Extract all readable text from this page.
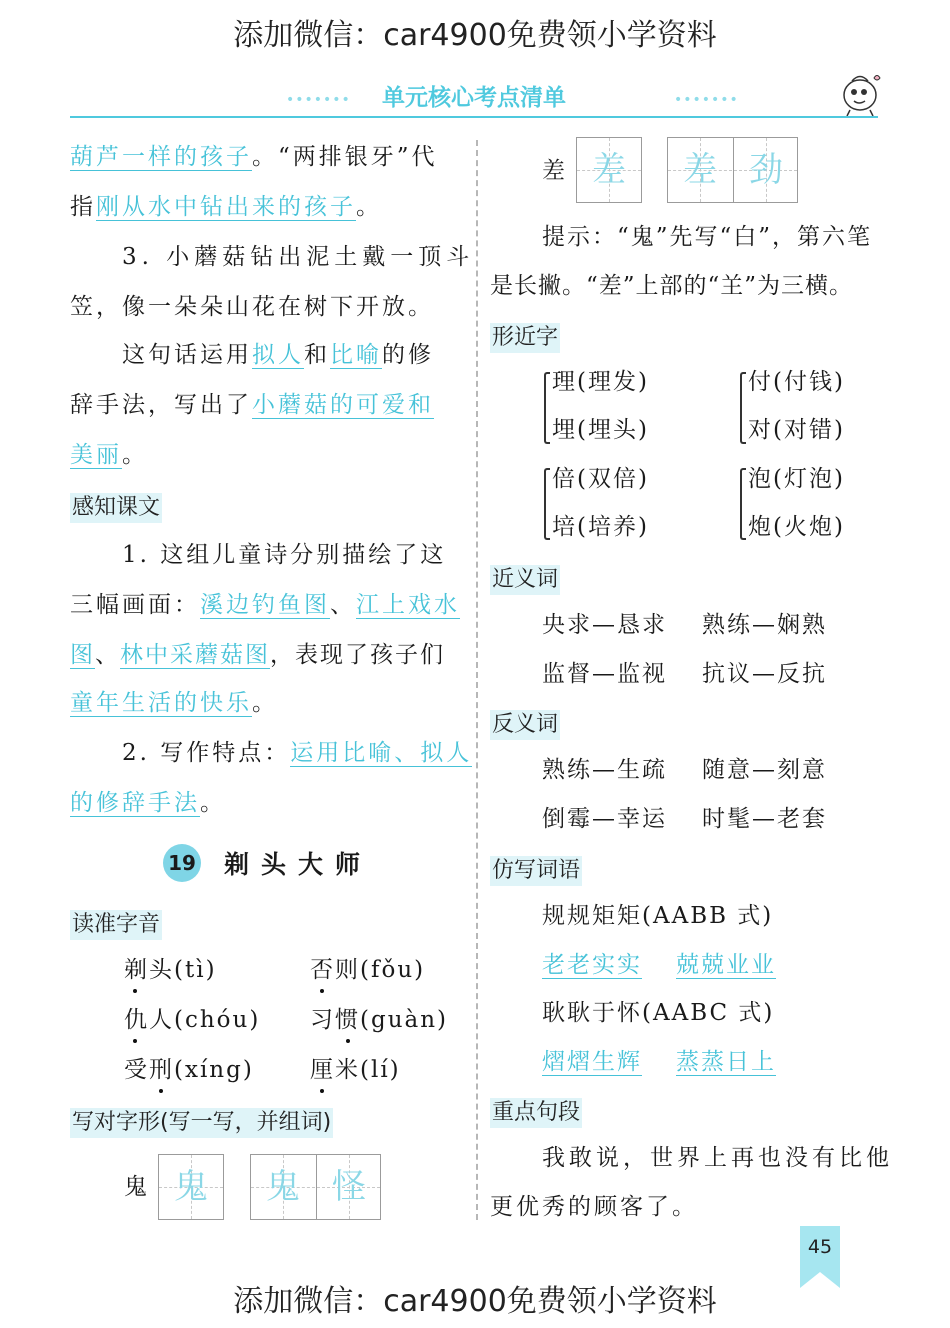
添加微信：car4900免费领小学资料
•••••••	单元核心考点清单	•••••••
葫芦一样的孩子。“两排银牙”代
指刚从水中钻出来的孩子。
3. 小蘑菇钻出泥土戴一顶斗
笠，像一朵朵山花在树下开放。
这句话运用拟人和比喻的修
辞手法，写出了小蘑菇的可爱和
美丽。
感知课文
1. 这组儿童诗分别描绘了这
三幅画面：溪边钓鱼图、江上戏水
图、林中采蘑菇图，表现了孩子们
童年生活的快乐。
2. 写作特点：运用比喻、拟人
的修辞手法。
19 剃头大师
读准字音
剃头(tì)	否则(fǒu)
仇人(chóu) 习惯(guàn)
受刑(xíng) 厘米(lí)
写对字形(写一写，并组词)
鬼 鬼	鬼 怪
差 差	差 劲
提示：“鬼”先写“白”，第六笔
是长撇。“差”上部的“𦍌”为三横。
形近字
理(理发)
埋(埋头)
付(付钱)
对(对错)
倍(双倍)
培(培养)
泡(灯泡)
炮(火炮)
近义词
央求—恳求 熟练—娴熟
监督—监视 抗议—反抗
反义词
熟练—生疏 随意—刻意
倒霉—幸运 时髦—老套
仿写词语
规规矩矩(AABB 式)
老老实实 兢兢业业
耿耿于怀(AABC 式)
熠熠生辉 蒸蒸日上
重点句段
我敢说，世界上再也没有比他
更优秀的顾客了。
45
添加微信：car4900免费领小学资料
